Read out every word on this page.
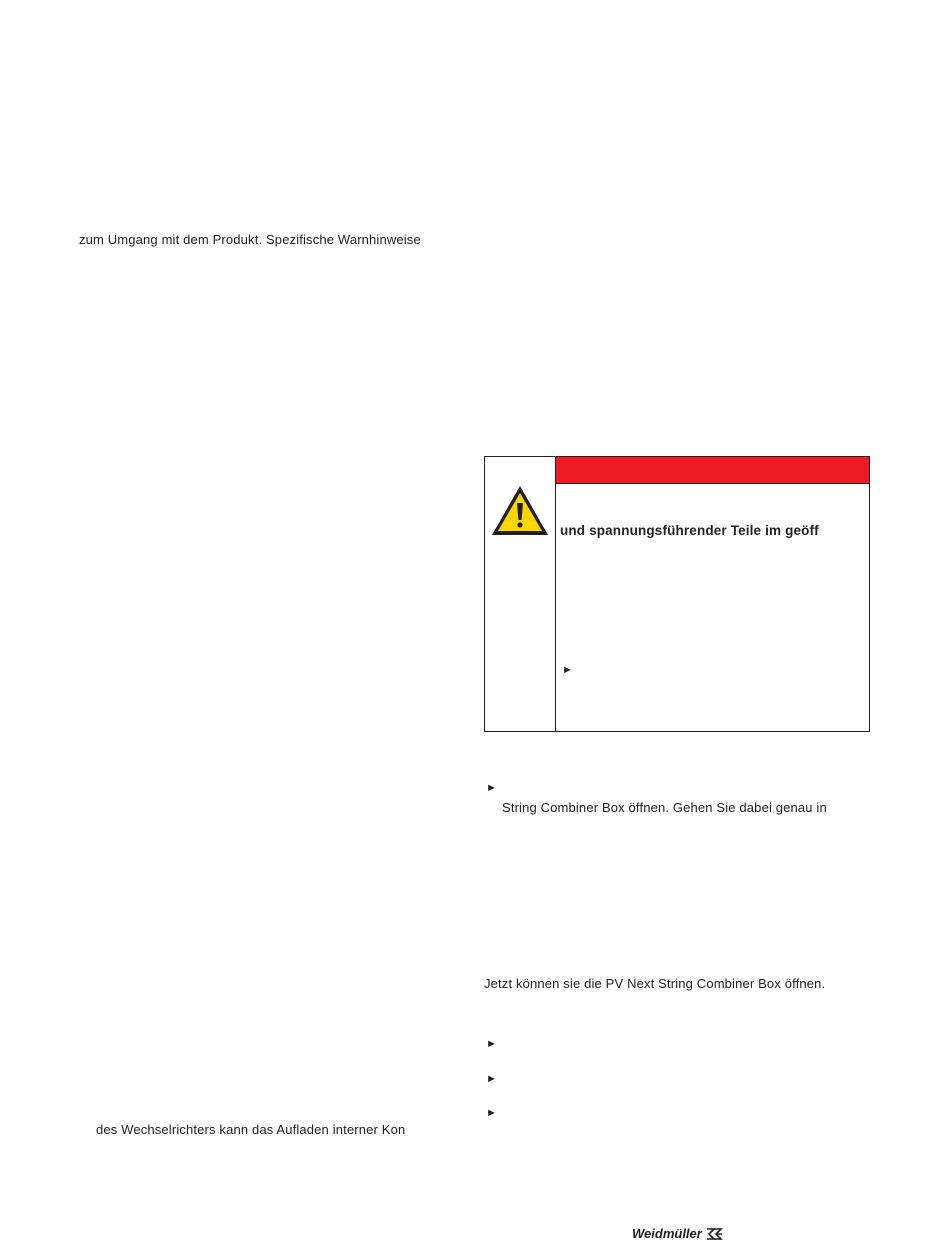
zum Umgang mit dem Produkt. Spezifische Warnhinweise
des Wechselrichters kann das Aufladen interner Kon
und spannungsführender Teile im geöff
►
►
String Combiner Box öffnen. Gehen Sie dabei genau in
Jetzt können sie die PV Next String Combiner Box öffnen.
►
►
►
Weidmüller
